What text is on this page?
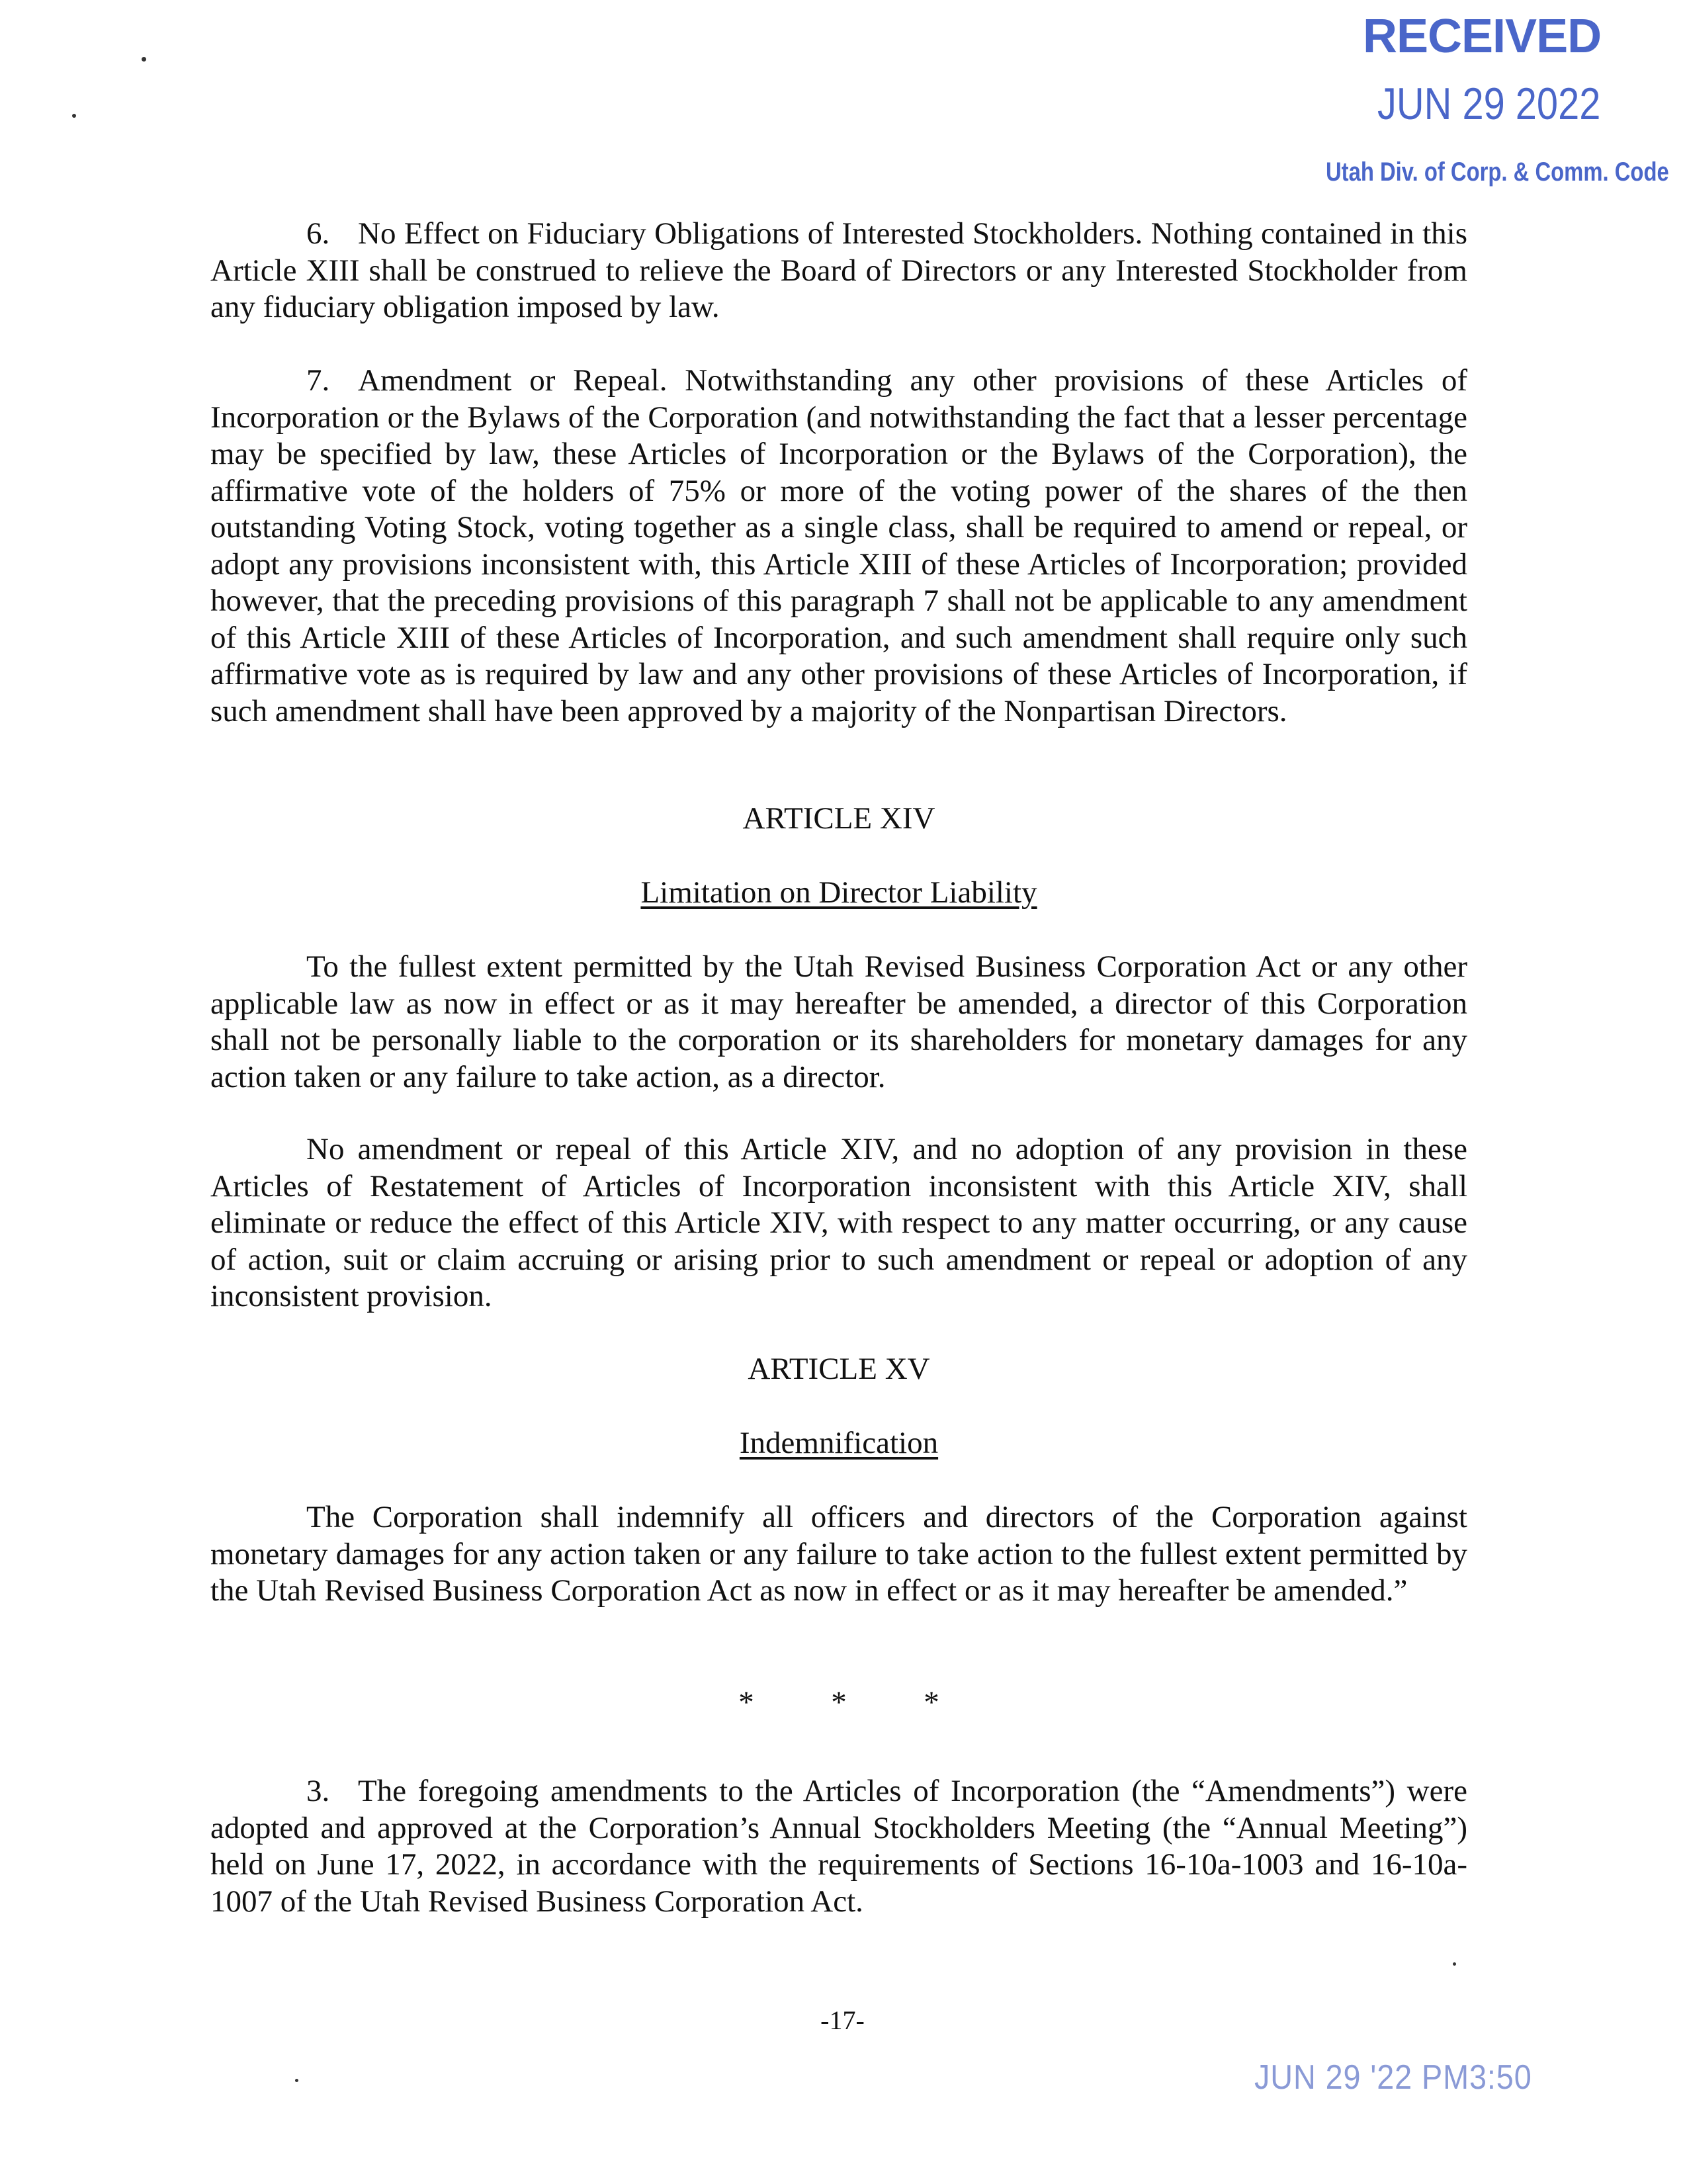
RECEIVED
JUN 29 2022
Utah Div. of Corp. & Comm. Code

6. No Effect on Fiduciary Obligations of Interested Stockholders. Nothing contained in this Article XIII shall be construed to relieve the Board of Directors or any Interested Stockholder from any fiduciary obligation imposed by law.

7. Amendment or Repeal. Notwithstanding any other provisions of these Articles of Incorporation or the Bylaws of the Corporation (and notwithstanding the fact that a lesser percentage may be specified by law, these Articles of Incorporation or the Bylaws of the Corporation), the affirmative vote of the holders of 75% or more of the voting power of the shares of the then outstanding Voting Stock, voting together as a single class, shall be required to amend or repeal, or adopt any provisions inconsistent with, this Article XIII of these Articles of Incorporation; provided however, that the preceding provisions of this paragraph 7 shall not be applicable to any amendment of this Article XIII of these Articles of Incorporation, and such amendment shall require only such affirmative vote as is required by law and any other provisions of these Articles of Incorporation, if such amendment shall have been approved by a majority of the Nonpartisan Directors.

ARTICLE XIV
Limitation on Director Liability

To the fullest extent permitted by the Utah Revised Business Corporation Act or any other applicable law as now in effect or as it may hereafter be amended, a director of this Corporation shall not be personally liable to the corporation or its shareholders for monetary damages for any action taken or any failure to take action, as a director.

No amendment or repeal of this Article XIV, and no adoption of any provision in these Articles of Restatement of Articles of Incorporation inconsistent with this Article XIV, shall eliminate or reduce the effect of this Article XIV, with respect to any matter occurring, or any cause of action, suit or claim accruing or arising prior to such amendment or repeal or adoption of any inconsistent provision.

ARTICLE XV
Indemnification

The Corporation shall indemnify all officers and directors of the Corporation against monetary damages for any action taken or any failure to take action to the fullest extent permitted by the Utah Revised Business Corporation Act as now in effect or as it may hereafter be amended.”

* * *

3. The foregoing amendments to the Articles of Incorporation (the “Amendments”) were adopted and approved at the Corporation’s Annual Stockholders Meeting (the “Annual Meeting”) held on June 17, 2022, in accordance with the requirements of Sections 16-10a-1003 and 16-10a-1007 of the Utah Revised Business Corporation Act.

-17-
JUN 29 '22 PM3:50
